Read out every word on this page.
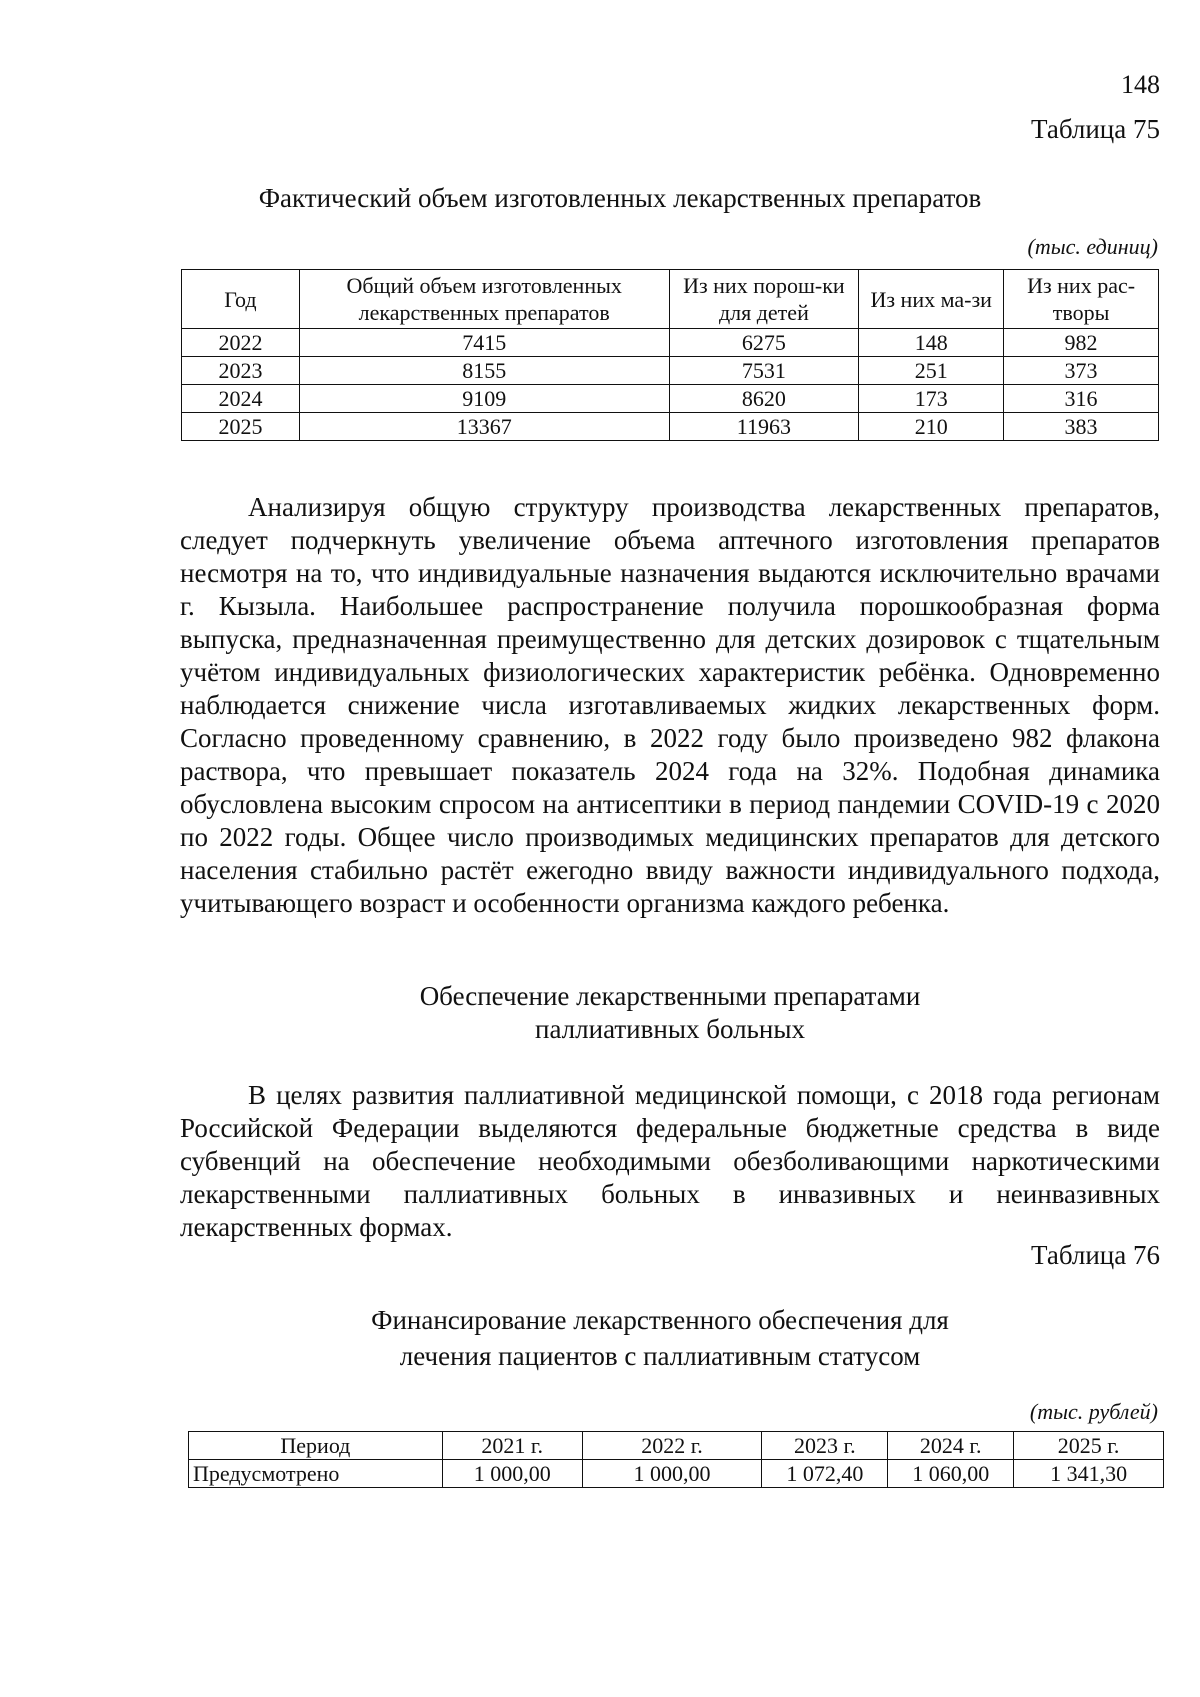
148
Таблица 75
Фактический объем изготовленных лекарственных препаратов
(тыс. единиц)
Год	Общий объем изготовленных лекарственных препаратов	Из них порош-ки для детей	Из них ма-зи	Из них рас-творы
2022	7415	6275	148	982
2023	8155	7531	251	373
2024	9109	8620	173	316
2025	13367	11963	210	383
Анализируя общую структуру производства лекарственных препаратов, следует подчеркнуть увеличение объема аптечного изготовления препаратов несмотря на то, что индивидуальные назначения выдаются исключительно врачами г. Кызыла. Наибольшее распространение получила порошкообразная форма выпуска, предназначенная преимущественно для детских дозировок с тщательным учётом индивидуальных физиологических характеристик ребёнка. Одновременно наблюдается снижение числа изготавливаемых жидких лекарственных форм. Согласно проведенному сравнению, в 2022 году было произведено 982 флакона раствора, что превышает показатель 2024 года на 32%. Подобная динамика обусловлена высоким спросом на антисептики в период пандемии COVID-19 с 2020 по 2022 годы. Общее число производимых медицинских препаратов для детского населения стабильно растёт ежегодно ввиду важности индивидуального подхода, учитывающего возраст и особенности организма каждого ребенка.
Обеспечение лекарственными препаратами
паллиативных больных
В целях развития паллиативной медицинской помощи, с 2018 года регионам Российской Федерации выделяются федеральные бюджетные средства в виде субвенций на обеспечение необходимыми обезболивающими наркотическими лекарственными паллиативных больных в инвазивных и неинвазивных лекарственных формах.
Таблица 76
Финансирование лекарственного обеспечения для
лечения пациентов с паллиативным статусом
(тыс. рублей)
Период	2021 г.	2022 г.	2023 г.	2024 г.	2025 г.
Предусмотрено	1 000,00	1 000,00	1 072,40	1 060,00	1 341,30
